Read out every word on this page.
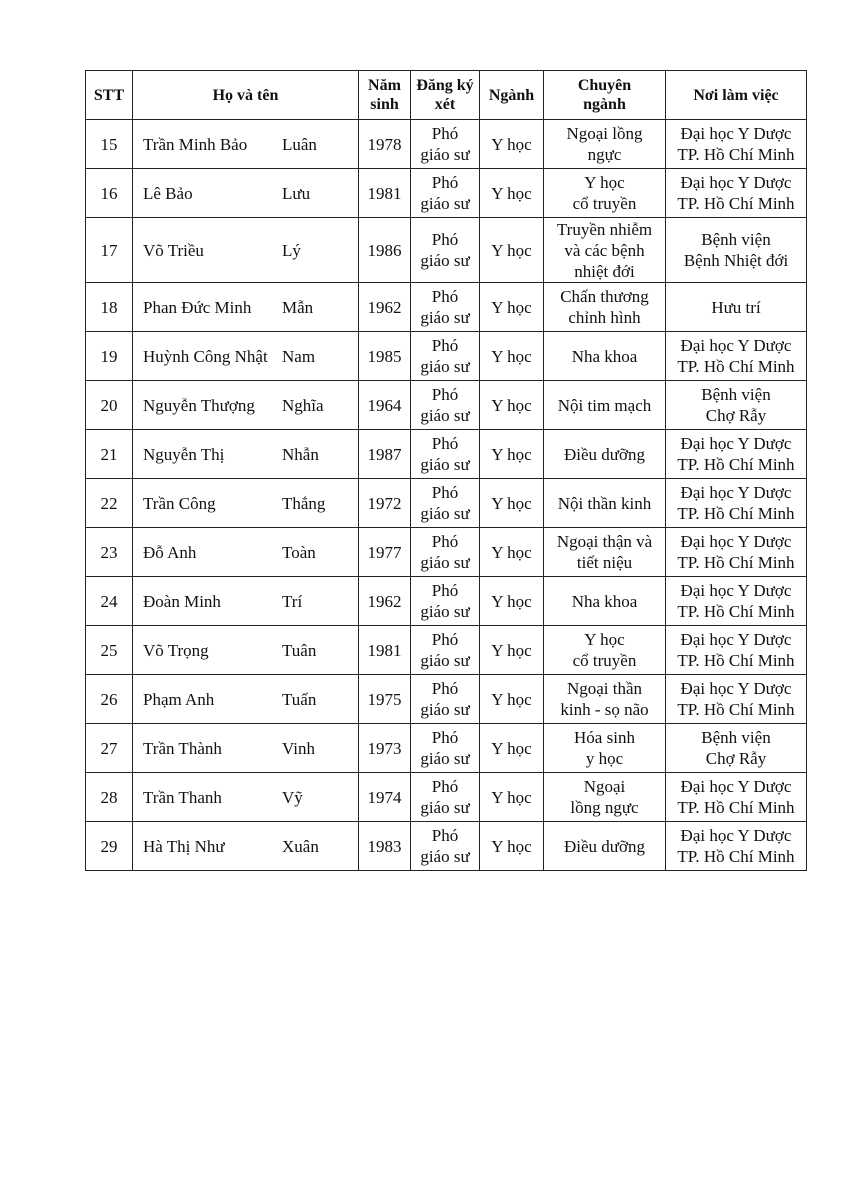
STT	Họ và tên	Năm
sinh	Đăng ký
xét	Ngành	Chuyên
ngành	Nơi làm việc
15	Trần Minh Bảo Luân	1978	Phó
giáo sư	Y học	Ngoại lồng
ngực	Đại học Y Dược
TP. Hồ Chí Minh
16	Lê Bảo Lưu	1981	Phó
giáo sư	Y học	Y học
cổ truyền	Đại học Y Dược
TP. Hồ Chí Minh
17	Võ Triều Lý	1986	Phó
giáo sư	Y học	Truyền nhiễm
và các bệnh
nhiệt đới	Bệnh viện
Bệnh Nhiệt đới
18	Phan Đức Minh Mẫn	1962	Phó
giáo sư	Y học	Chấn thương
chỉnh hình	Hưu trí
19	Huỳnh Công Nhật Nam	1985	Phó
giáo sư	Y học	Nha khoa	Đại học Y Dược
TP. Hồ Chí Minh
20	Nguyễn Thượng Nghĩa	1964	Phó
giáo sư	Y học	Nội tim mạch	Bệnh viện
Chợ Rẫy
21	Nguyễn Thị Nhẫn	1987	Phó
giáo sư	Y học	Điều dưỡng	Đại học Y Dược
TP. Hồ Chí Minh
22	Trần Công Thắng	1972	Phó
giáo sư	Y học	Nội thần kinh	Đại học Y Dược
TP. Hồ Chí Minh
23	Đỗ Anh Toàn	1977	Phó
giáo sư	Y học	Ngoại thận và
tiết niệu	Đại học Y Dược
TP. Hồ Chí Minh
24	Đoàn Minh Trí	1962	Phó
giáo sư	Y học	Nha khoa	Đại học Y Dược
TP. Hồ Chí Minh
25	Võ Trọng Tuân	1981	Phó
giáo sư	Y học	Y học
cổ truyền	Đại học Y Dược
TP. Hồ Chí Minh
26	Phạm Anh Tuấn	1975	Phó
giáo sư	Y học	Ngoại thần
kinh - sọ não	Đại học Y Dược
TP. Hồ Chí Minh
27	Trần Thành Vinh	1973	Phó
giáo sư	Y học	Hóa sinh
y học	Bệnh viện
Chợ Rẫy
28	Trần Thanh Vỹ	1974	Phó
giáo sư	Y học	Ngoại
lồng ngực	Đại học Y Dược
TP. Hồ Chí Minh
29	Hà Thị Như Xuân	1983	Phó
giáo sư	Y học	Điều dưỡng	Đại học Y Dược
TP. Hồ Chí Minh
